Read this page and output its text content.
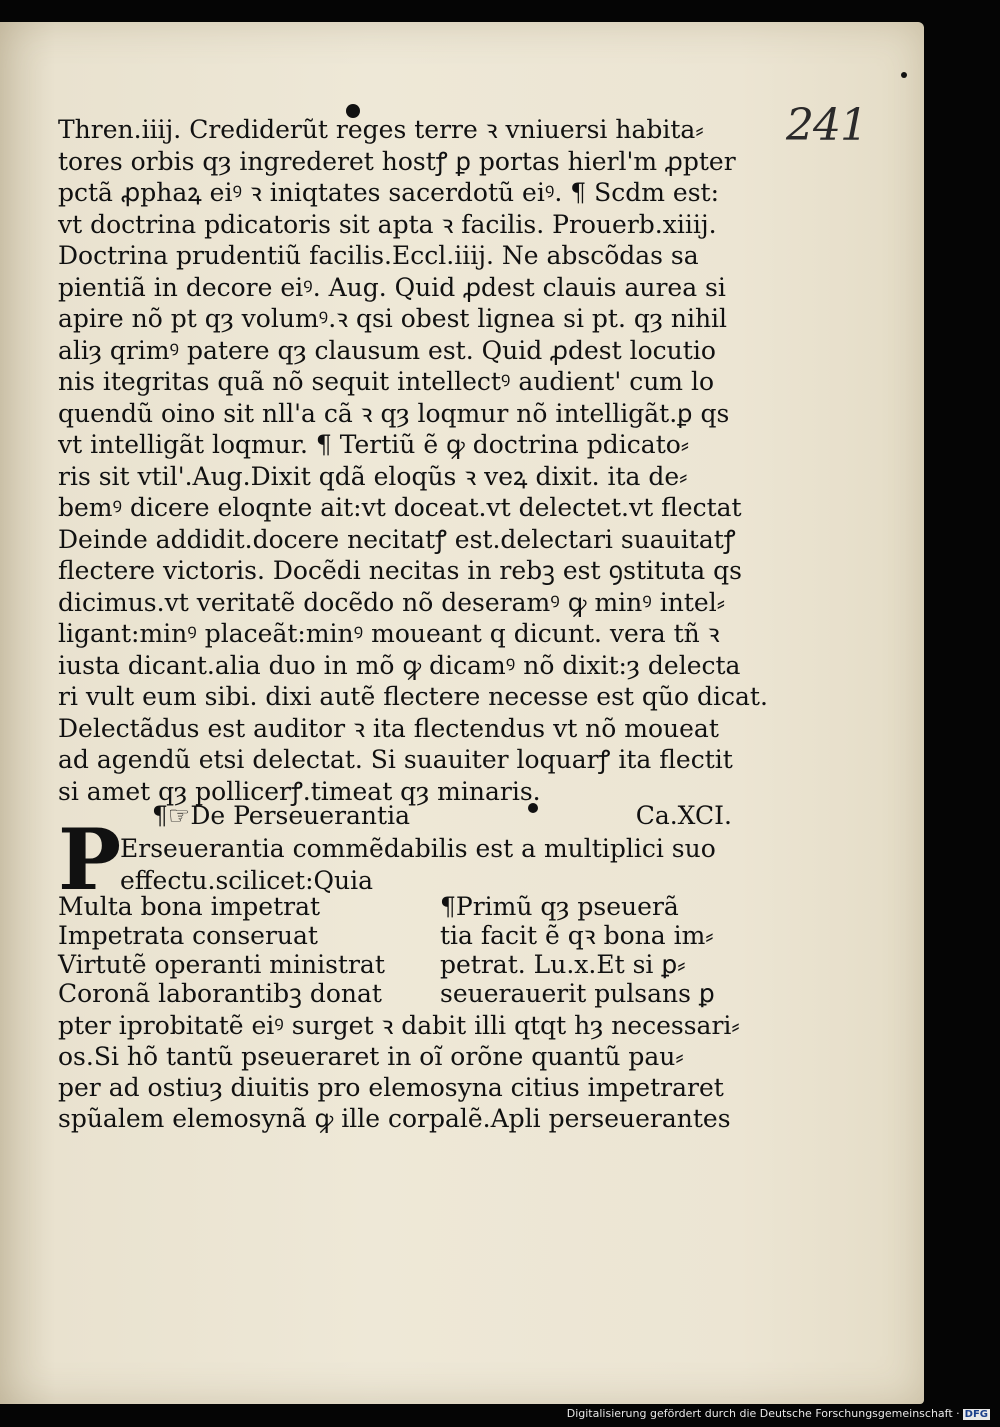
241
Thren.iiij. Crediderũt reges terre ꝛ vniuersi habita⸗
tores orbis qȝ ingrederet hostꝭ ꝑ portas hierl'm ꝓpter
pctã ꝓphaꝝ eiꝰ ꝛ iniqtates sacerdotũ eiꝰ. ¶ Scdm est:
vt doctrina pdicatoris sit apta ꝛ facilis. Prouerb.xiiij.
Doctrina prudentiũ facilis.Eccl.iiij. Ne abscõdas sa
pientiã in decore eiꝰ. Aug. Quid ꝓdest clauis aurea si
apire nõ pt qȝ volumꝰ.ꝛ qsi obest lignea si pt. qȝ nihil
aliȝ qrimꝰ patere qȝ clausum est. Quid ꝓdest locutio
nis itegritas quã nõ sequit intellectꝰ audient' cum lo
quendũ oino sit nll'a cã ꝛ qȝ loqmur nõ intelligãt.ꝑ qs
vt intelligãt loqmur. ¶ Tertiũ ẽ ꝙ doctrina pdicato⸗
ris sit vtil'.Aug.Dixit qdã eloqũs ꝛ veꝝ dixit. ita de⸗
bemꝰ dicere eloqnte ait:vt doceat.vt delectet.vt flectat
Deinde addidit.docere necitatꝭ est.delectari suauitatꝭ
flectere victoris. Docẽdi necitas in rebꝫ est ꝯstituta qs
dicimus.vt veritatẽ docẽdo nõ deseramꝰ ꝙ minꝰ intel⸗
ligant:minꝰ placeãt:minꝰ moueant q dicunt. vera tñ ꝛ
iusta dicant.alia duo in mõ ꝙ dicamꝰ nõ dixit:ȝ delecta
ri vult eum sibi. dixi autẽ flectere necesse est qũo dicat.
Delectãdus est auditor ꝛ ita flectendus vt nõ moueat
ad agendũ etsi delectat. Si suauiter loquarꝭ ita flectit
si amet qȝ pollicerꝭ.timeat qȝ minaris.
¶☞De Perseuerantia	Ca.XCI.
P
Erseuerantia commẽdabilis est a multiplici suo
effectu.scilicet:Quia
Multa bona impetrat
Impetrata conseruat
Virtutẽ operanti ministrat
Coronã laborantibꝫ donat
¶Primũ qȝ pseuerã
tia facit ẽ qꝛ bona im⸗
petrat. Lu.x.Et si ꝑ⸗
seuerauerit pulsans ꝑ
pter iprobitatẽ eiꝰ surget ꝛ dabit illi qtqt hȝ necessari⸗
os.Si hõ tantũ pseueraret in oĩ orõne quantũ pau⸗
per ad ostiuȝ diuitis pro elemosyna citius impetraret
spũalem elemosynã ꝙ ille corpalẽ.Apli perseuerantes
Digitalisierung gefördert durch die Deutsche Forschungsgemeinschaft · DFG
